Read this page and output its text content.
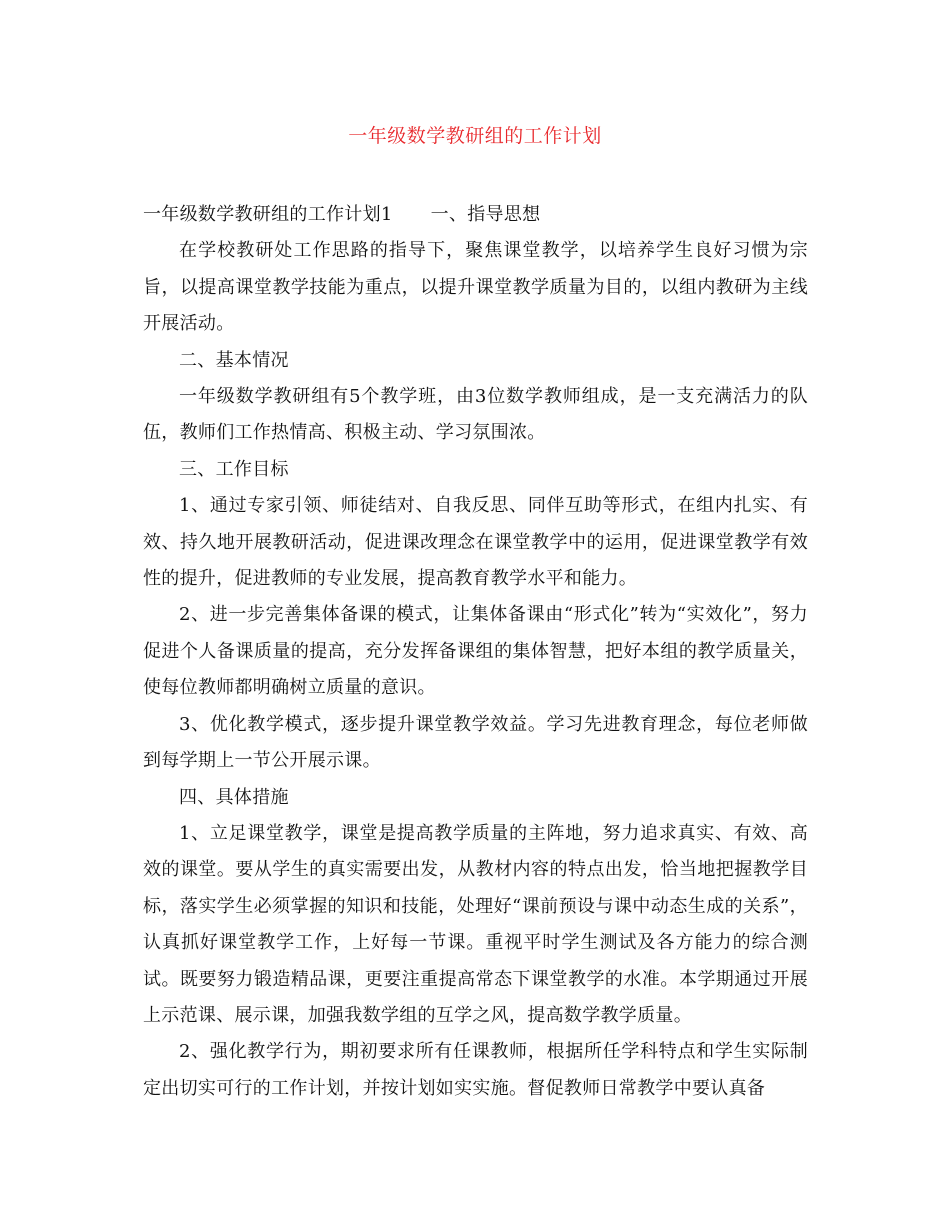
一年级数学教研组的工作计划

一年级数学教研组的工作计划1 一、指导思想

在学校教研处工作思路的指导下，聚焦课堂教学，以培养学生良好习惯为宗旨，以提高课堂教学技能为重点，以提升课堂教学质量为目的，以组内教研为主线开展活动。

二、基本情况

一年级数学教研组有5个教学班，由3位数学教师组成，是一支充满活力的队伍，教师们工作热情高、积极主动、学习氛围浓。

三、工作目标

1、通过专家引领、师徒结对、自我反思、同伴互助等形式，在组内扎实、有效、持久地开展教研活动，促进课改理念在课堂教学中的运用，促进课堂教学有效性的提升，促进教师的专业发展，提高教育教学水平和能力。

2、进一步完善集体备课的模式，让集体备课由“形式化”转为“实效化”，努力促进个人备课质量的提高，充分发挥备课组的集体智慧，把好本组的教学质量关，使每位教师都明确树立质量的意识。

3、优化教学模式，逐步提升课堂教学效益。学习先进教育理念，每位老师做到每学期上一节公开展示课。

四、具体措施

1、立足课堂教学，课堂是提高教学质量的主阵地，努力追求真实、有效、高效的课堂。要从学生的真实需要出发，从教材内容的特点出发，恰当地把握教学目标，落实学生必须掌握的知识和技能，处理好“课前预设与课中动态生成的关系”，认真抓好课堂教学工作，上好每一节课。重视平时学生测试及各方能力的综合测试。既要努力锻造精品课，更要注重提高常态下课堂教学的水准。本学期通过开展上示范课、展示课，加强我数学组的互学之风，提高数学教学质量。

2、强化教学行为，期初要求所有任课教师，根据所任学科特点和学生实际制定出切实可行的工作计划，并按计划如实实施。督促教师日常教学中要认真备
